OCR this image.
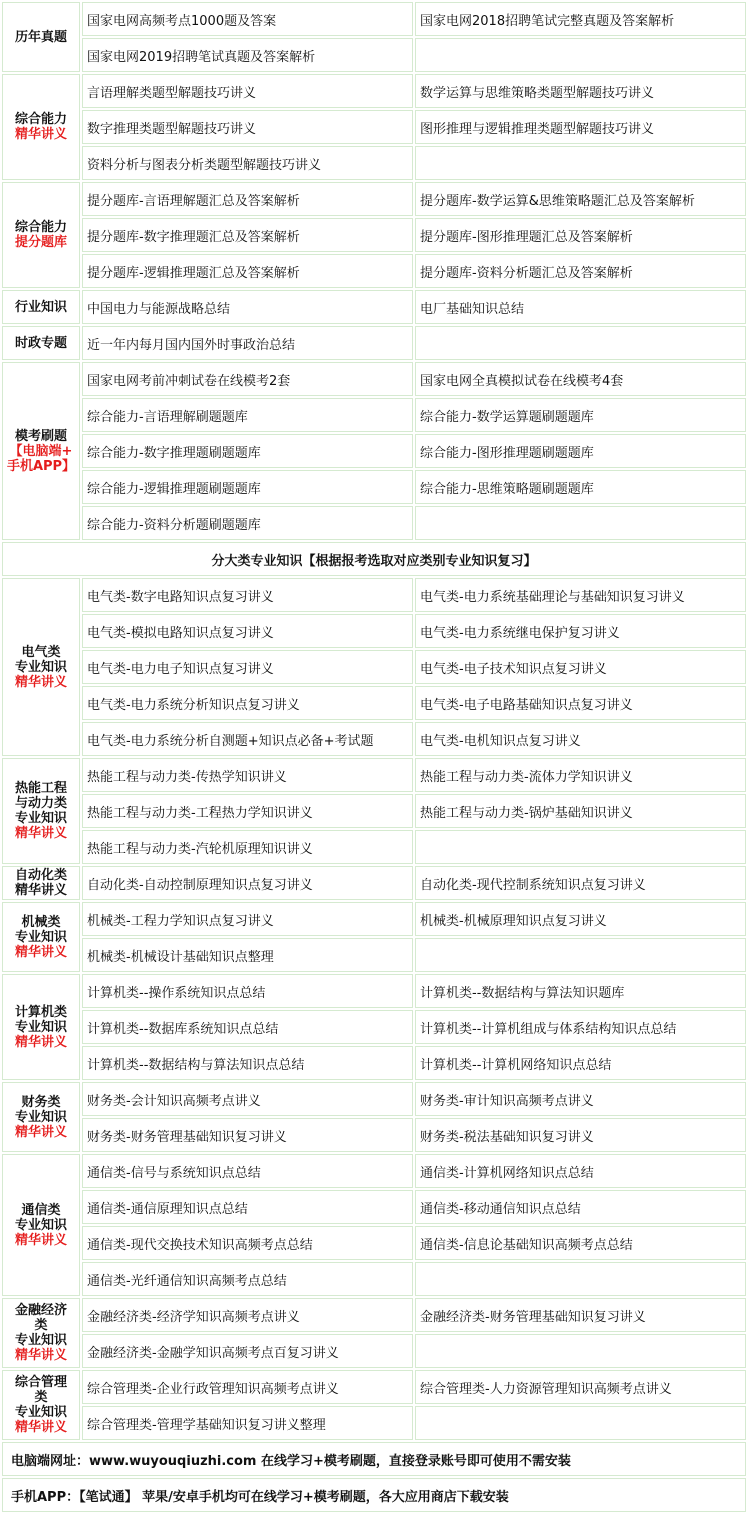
历年真题	国家电网高频考点1000题及答案	国家电网2018招聘笔试完整真题及答案解析
	国家电网2019招聘笔试真题及答案解析	

综合能力
精华讲义	言语理解类题型解题技巧讲义	数学运算与思维策略类题型解题技巧讲义
	数字推理类题型解题技巧讲义	图形推理与逻辑推理类题型解题技巧讲义
	资料分析与图表分析类题型解题技巧讲义	

综合能力
提分题库	提分题库-言语理解题汇总及答案解析	提分题库-数学运算&思维策略题汇总及答案解析
	提分题库-数字推理题汇总及答案解析	提分题库-图形推理题汇总及答案解析
	提分题库-逻辑推理题汇总及答案解析	提分题库-资料分析题汇总及答案解析

行业知识	中国电力与能源战略总结	电厂基础知识总结

时政专题	近一年内每月国内国外时事政治总结	

模考刷题
【电脑端+
手机APP】	国家电网考前冲刺试卷在线模考2套	国家电网全真模拟试卷在线模考4套
	综合能力-言语理解刷题题库	综合能力-数学运算题刷题题库
	综合能力-数字推理题刷题题库	综合能力-图形推理题刷题题库
	综合能力-逻辑推理题刷题题库	综合能力-思维策略题刷题题库
	综合能力-资料分析题刷题题库	
分大类专业知识【根据报考选取对应类别专业知识复习】		

电气类
专业知识
精华讲义	电气类-数字电路知识点复习讲义	电气类-电力系统基础理论与基础知识复习讲义
	电气类-模拟电路知识点复习讲义	电气类-电力系统继电保护复习讲义
	电气类-电力电子知识点复习讲义	电气类-电子技术知识点复习讲义
	电气类-电力系统分析知识点复习讲义	电气类-电子电路基础知识点复习讲义
	电气类-电力系统分析自测题+知识点必备+考试题	电气类-电机知识点复习讲义

热能工程
与动力类
专业知识
精华讲义	热能工程与动力类-传热学知识讲义	热能工程与动力类-流体力学知识讲义
	热能工程与动力类-工程热力学知识讲义	热能工程与动力类-锅炉基础知识讲义
	热能工程与动力类-汽轮机原理知识讲义	

自动化类
精华讲义	自动化类-自动控制原理知识点复习讲义	自动化类-现代控制系统知识点复习讲义

机械类
专业知识
精华讲义	机械类-工程力学知识点复习讲义	机械类-机械原理知识点复习讲义
	机械类-机械设计基础知识点整理	

计算机类
专业知识
精华讲义	计算机类--操作系统知识点总结	计算机类--数据结构与算法知识题库
	计算机类--数据库系统知识点总结	计算机类--计算机组成与体系结构知识点总结
	计算机类--数据结构与算法知识点总结	计算机类--计算机网络知识点总结

财务类
专业知识
精华讲义	财务类-会计知识高频考点讲义	财务类-审计知识高频考点讲义
	财务类-财务管理基础知识复习讲义	财务类-税法基础知识复习讲义

通信类
专业知识
精华讲义	通信类-信号与系统知识点总结	通信类-计算机网络知识点总结
	通信类-通信原理知识点总结	通信类-移动通信知识点总结
	通信类-现代交换技术知识高频考点总结	通信类-信息论基础知识高频考点总结
	通信类-光纤通信知识高频考点总结	

金融经济
类
专业知识
精华讲义	金融经济类-经济学知识高频考点讲义	金融经济类-财务管理基础知识复习讲义
	金融经济类-金融学知识高频考点百复习讲义	

综合管理
类
专业知识
精华讲义	综合管理类-企业行政管理知识高频考点讲义	综合管理类-人力资源管理知识高频考点讲义
	综合管理类-管理学基础知识复习讲义整理	
电脑端网址：www.wuyouqiuzhi.com 在线学习+模考刷题，直接登录账号即可使用不需安装		
手机APP：【笔试通】 苹果/安卓手机均可在线学习+模考刷题，各大应用商店下载安装		
